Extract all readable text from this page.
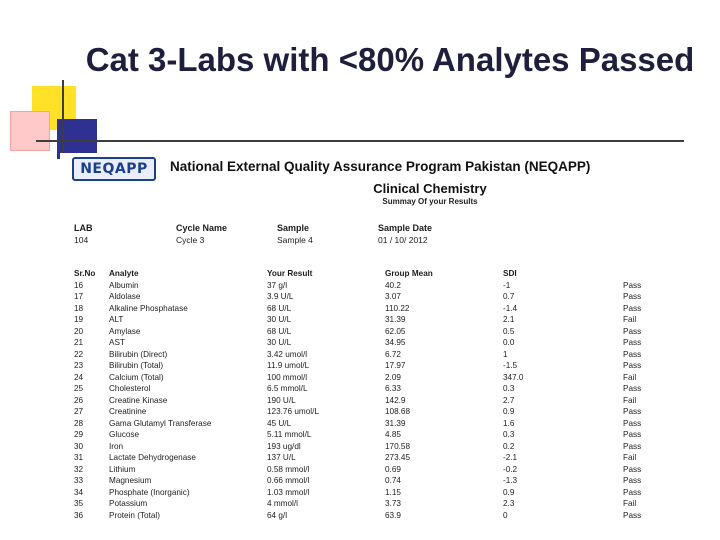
Cat 3-Labs with <80% Analytes Passed
NEQAPP	National External Quality Assurance Program Pakistan (NEQAPP)
Clinical Chemistry
Summay Of your Results
LAB	Cycle Name	Sample	Sample Date
104	Cycle 3	Sample 4	01 / 10/ 2012
Sr.No	Analyte	Your Result	Group Mean	SDI	
16	Albumin	37 g/l	40.2	-1	Pass
17	Aldolase	3.9 U/L	3.07	0.7	Pass
18	Alkaline Phosphatase	68 U/L	110.22	-1.4	Pass
19	ALT	30 U/L	31.39	2.1	Fail
20	Amylase	68 U/L	62.05	0.5	Pass
21	AST	30 U/L	34.95	0.0	Pass
22	Bilirubin (Direct)	3.42 umol/l	6.72	1	Pass
23	Bilirubin (Total)	11.9 umol/L	17.97	-1.5	Pass
24	Calcium (Total)	100 mmol/l	2.09	347.0	Fail
25	Cholesterol	6.5 mmol/L	6.33	0.3	Pass
26	Creatine Kinase	190 U/L	142.9	2.7	Fail
27	Creatinine	123.76 umol/L	108.68	0.9	Pass
28	Gama Glutamyl Transferase	45 U/L	31.39	1.6	Pass
29	Glucose	5.11 mmol/L	4.85	0.3	Pass
30	Iron	193 ug/dl	170.58	0.2	Pass
31	Lactate Dehydrogenase	137 U/L	273.45	-2.1	Fail
32	Lithium	0.58 mmol/l	0.69	-0.2	Pass
33	Magnesium	0.66 mmol/l	0.74	-1.3	Pass
34	Phosphate (Inorganic)	1.03 mmol/l	1.15	0.9	Pass
35	Potassium	4 mmol/l	3.73	2.3	Fail
36	Protein (Total)	64 g/l	63.9	0	Pass
